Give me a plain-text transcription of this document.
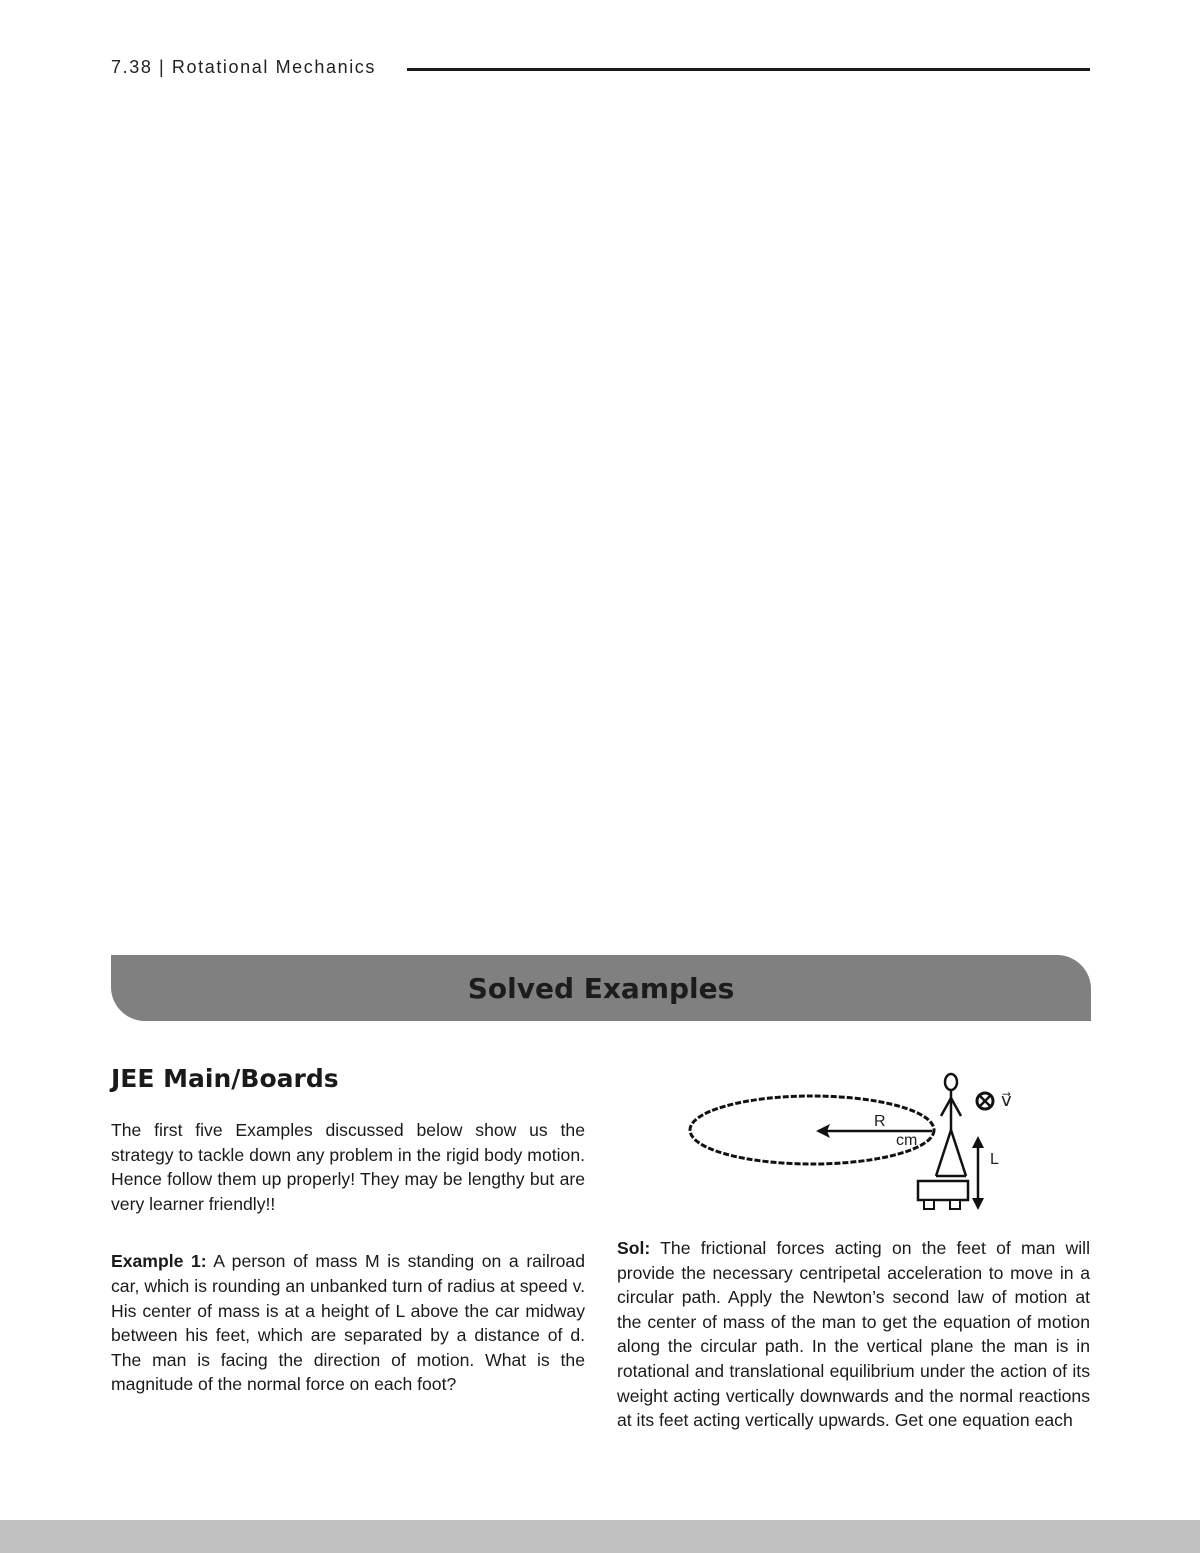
7.38 | Rotational Mechanics
Solved Examples
JEE Main/Boards

The first five Examples discussed below show us the strategy to tackle down any problem in the rigid body motion. Hence follow them up properly! They may be lengthy but are very learner friendly!!

Example 1: A person of mass M is standing on a railroad car, which is rounding an unbanked turn of radius at speed v. His center of mass is at a height of L above the car midway between his feet, which are separated by a distance of d. The man is facing the direction of motion. What is the magnitude of the normal force on each foot?

R
cm
L
v⃗

Sol: The frictional forces acting on the feet of man will provide the necessary centripetal acceleration to move in a circular path. Apply the Newton’s second law of motion at the center of mass of the man to get the equation of motion along the circular path. In the vertical plane the man is in rotational and translational equilibrium under the action of its weight acting vertically downwards and the normal reactions at its feet acting vertically upwards. Get one equation each
